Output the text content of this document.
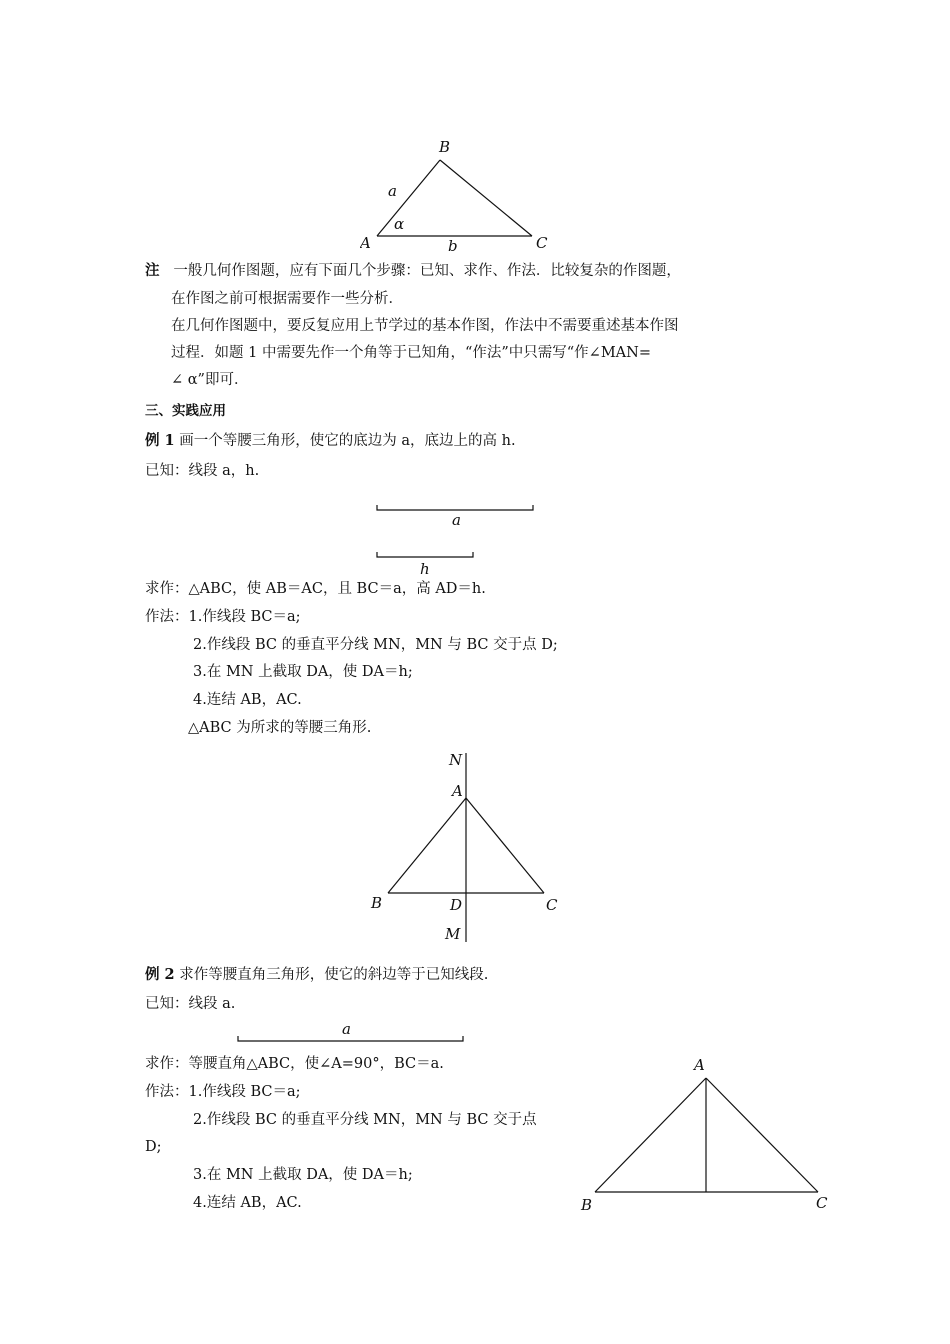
B
a
α
A	b	C
注 一般几何作图题，应有下面几个步骤：已知、求作、作法．比较复杂的作图题，
在作图之前可根据需要作一些分析．
在几何作图题中，要反复应用上节学过的基本作图，作法中不需要重述基本作图
过程．如题 1 中需要先作一个角等于已知角，“作法”中只需写“作∠MAN=
∠ α”即可．
三、实践应用
例 1 画一个等腰三角形，使它的底边为 a，底边上的高 h.
已知：线段 a，h.
a
h
求作：△ABC，使 AB＝AC，且 BC＝a，高 AD＝h.
作法：1.作线段 BC＝a;
2.作线段 BC 的垂直平分线 MN，MN 与 BC 交于点 D;
3.在 MN 上截取 DA，使 DA＝h;
4.连结 AB，AC.
△ABC 为所求的等腰三角形.
N
A
B	D	C
M
例 2 求作等腰直角三角形，使它的斜边等于已知线段.
已知：线段 a.
a
求作：等腰直角△ABC，使∠A=90°，BC＝a.
作法：1.作线段 BC＝a;
2.作线段 BC 的垂直平分线 MN，MN 与 BC 交于点
D;
3.在 MN 上截取 DA，使 DA＝h;
4.连结 AB，AC.
A
B	C
